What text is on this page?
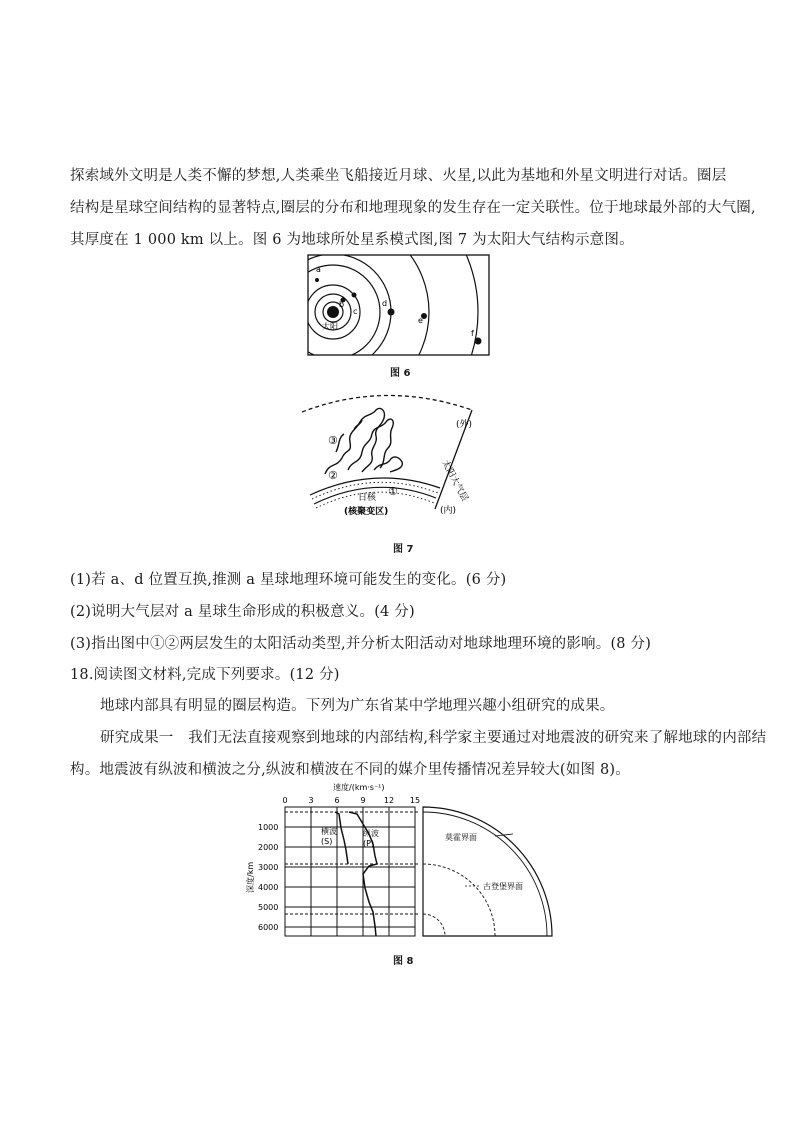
探索域外文明是人类不懈的梦想,人类乘坐飞船接近月球、火星,以此为基地和外星文明进行对话。圈层
结构是星球空间结构的显著特点,圈层的分布和地理现象的发生存在一定关联性。位于地球最外部的大气圈,
其厚度在 1 000 km 以上。图 6 为地球所处星系模式图,图 7 为太阳大气结构示意图。
a
b
c
d
e
f
太阳
图 6
③
②
①
(外)
(内)
太阳大气层
日核
(核聚变区)
图 7
(1)若 a、d 位置互换,推测 a 星球地理环境可能发生的变化。(6 分)
(2)说明大气层对 a 星球生命形成的积极意义。(4 分)
(3)指出图中①②两层发生的太阳活动类型,并分析太阳活动对地球地理环境的影响。(8 分)
18.阅读图文材料,完成下列要求。(12 分)
地球内部具有明显的圈层构造。下列为广东省某中学地理兴趣小组研究的成果。
研究成果一　我们无法直接观察到地球的内部结构,科学家主要通过对地震波的研究来了解地球的内部结
构。地震波有纵波和横波之分,纵波和横波在不同的媒介里传播情况差异较大(如图 8)。
速度/(km·s⁻¹)
0	3	6	9 12 15
1000
2000
3000
4000
5000
6000
深度/km
横波
(S)
纵波
(P)
莫霍界面
古登堡界面
图 8
